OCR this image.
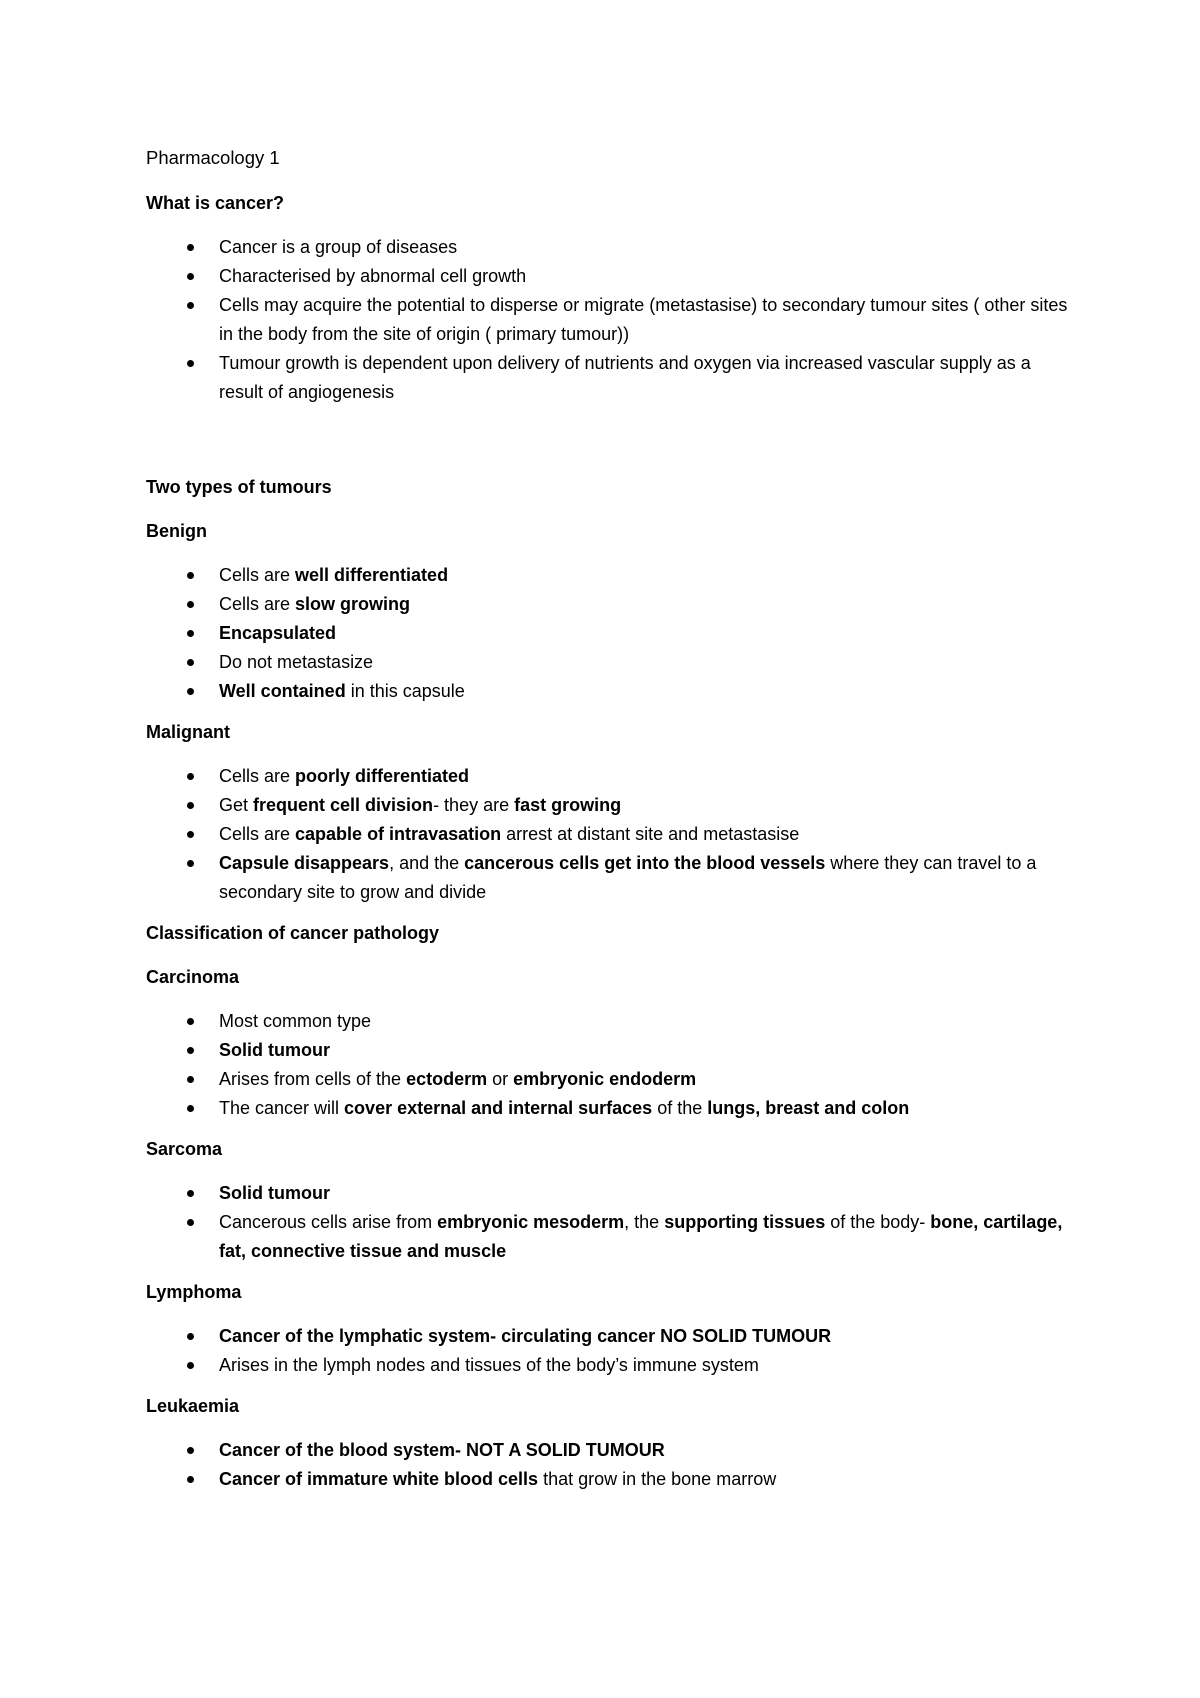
Pharmacology 1

What is cancer?

Cancer is a group of diseases
Characterised by abnormal cell growth
Cells may acquire the potential to disperse or migrate (metastasise) to secondary tumour sites ( other sites in the body from the site of origin ( primary tumour))
Tumour growth is dependent upon delivery of nutrients and oxygen via increased vascular supply as a result of angiogenesis

Two types of tumours

Benign

Cells are well differentiated
Cells are slow growing
Encapsulated
Do not metastasize
Well contained in this capsule

Malignant

Cells are poorly differentiated
Get frequent cell division- they are fast growing
Cells are capable of intravasation arrest at distant site and metastasise
Capsule disappears, and the cancerous cells get into the blood vessels where they can travel to a secondary site to grow and divide

Classification of cancer pathology

Carcinoma

Most common type
Solid tumour
Arises from cells of the ectoderm or embryonic endoderm
The cancer will cover external and internal surfaces of the lungs, breast and colon

Sarcoma

Solid tumour
Cancerous cells arise from embryonic mesoderm, the supporting tissues of the body- bone, cartilage, fat, connective tissue and muscle

Lymphoma

Cancer of the lymphatic system- circulating cancer NO SOLID TUMOUR
Arises in the lymph nodes and tissues of the body’s immune system

Leukaemia

Cancer of the blood system- NOT A SOLID TUMOUR
Cancer of immature white blood cells that grow in the bone marrow
